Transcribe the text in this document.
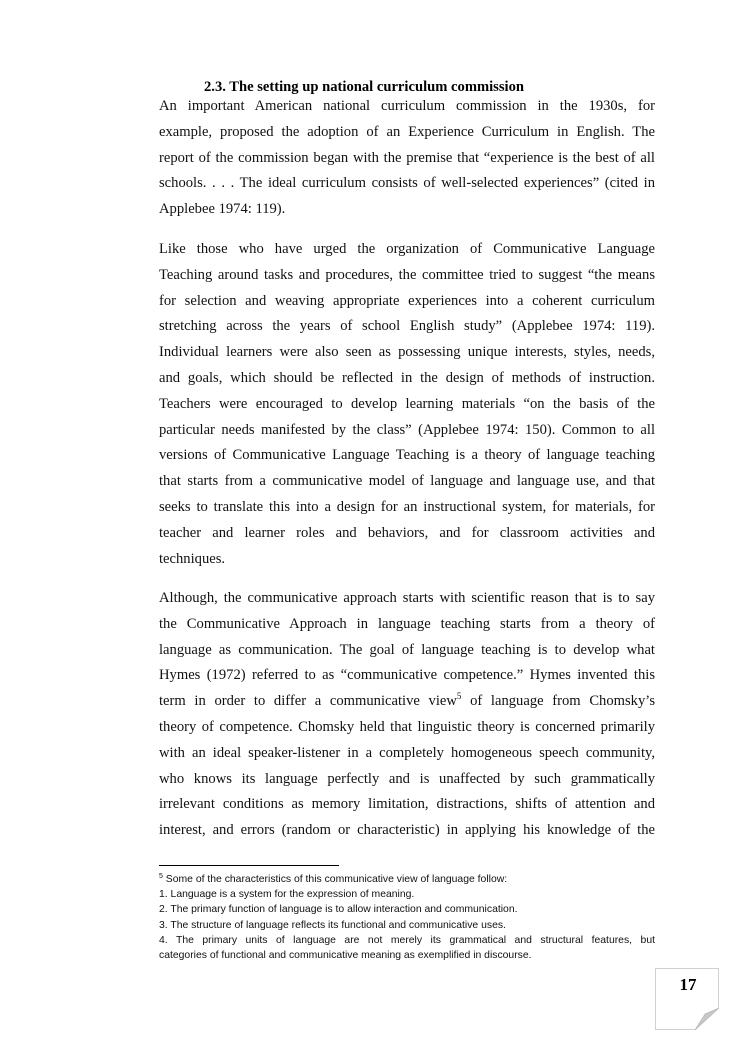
2.3. The setting up national curriculum commission
An important American national curriculum commission in the 1930s, for
example, proposed the adoption of an Experience Curriculum in English. The
report of the commission began with the premise that “experience is the best of all
schools. . . . The ideal curriculum consists of well-selected experiences” (cited in
Applebee 1974: 119).
Like those who have urged the organization of Communicative Language
Teaching around tasks and procedures, the committee tried to suggest “the means
for selection and weaving appropriate experiences into a coherent curriculum
stretching across the years of school English study” (Applebee 1974: 119).
Individual learners were also seen as possessing unique interests, styles, needs,
and goals, which should be reflected in the design of methods of instruction.
Teachers were encouraged to develop learning materials “on the basis of the
particular needs manifested by the class” (Applebee 1974: 150). Common to all
versions of Communicative Language Teaching is a theory of language teaching
that starts from a communicative model of language and language use, and that
seeks to translate this into a design for an instructional system, for materials, for
teacher and learner roles and behaviors, and for classroom activities and
techniques.
Although, the communicative approach starts with scientific reason that is to say
the Communicative Approach in language teaching starts from a theory of
language as communication. The goal of language teaching is to develop what
Hymes (1972) referred to as “communicative competence.” Hymes invented this
term in order to differ a communicative view$^5$ of language from Chomsky’s
theory of competence. Chomsky held that linguistic theory is concerned primarily
with an ideal speaker-listener in a completely homogeneous speech community,
who knows its language perfectly and is unaffected by such grammatically
irrelevant conditions as memory limitation, distractions, shifts of attention and
interest, and errors (random or characteristic) in applying his knowledge of the
$^5$ Some of the characteristics of this communicative view of language follow:
1. Language is a system for the expression of meaning.
2. The primary function of language is to allow interaction and communication.
3. The structure of language reflects its functional and communicative uses.
4. The primary units of language are not merely its grammatical and structural features, but
categories of functional and communicative meaning as exemplified in discourse.
17
